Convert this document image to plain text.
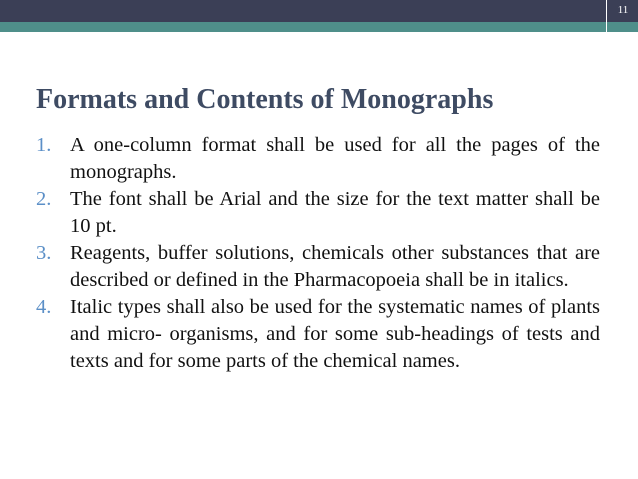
11
Formats and Contents of Monographs
1. A one-column format shall be used for all the pages of the monographs.
2. The font shall be Arial and the size for the text matter shall be 10 pt.
3. Reagents, buffer solutions, chemicals other substances that are described or defined in the Pharmacopoeia shall be in italics.
4. Italic types shall also be used for the systematic names of plants and micro- organisms, and for some sub-headings of tests and texts and for some parts of the chemical names.
